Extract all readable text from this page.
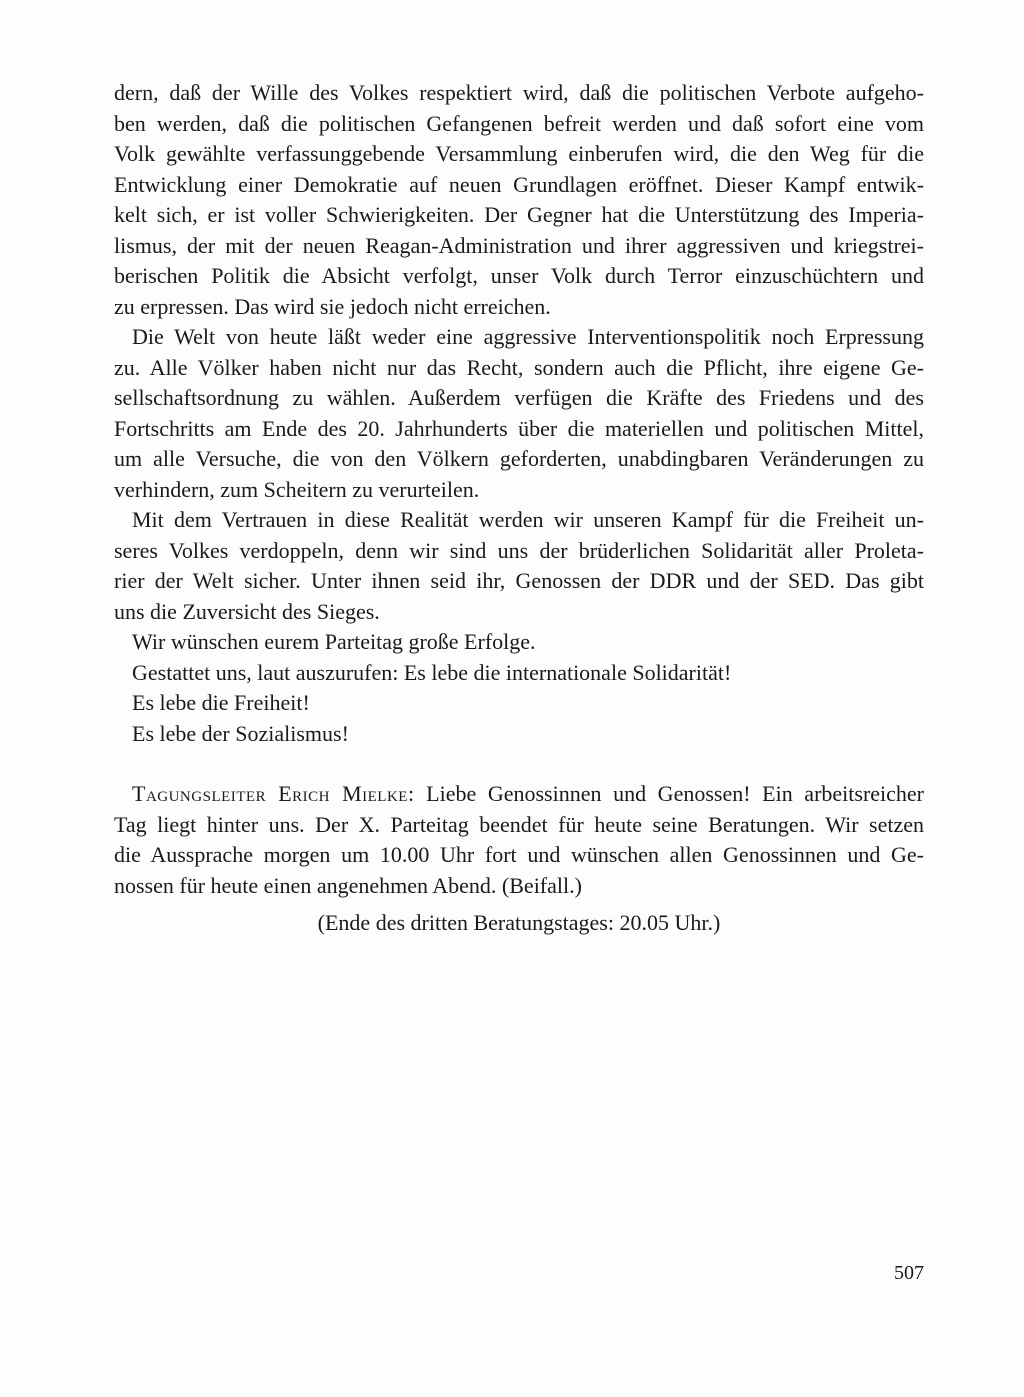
dern, daß der Wille des Volkes respektiert wird, daß die politischen Verbote aufgeho-
ben werden, daß die politischen Gefangenen befreit werden und daß sofort eine vom
Volk gewählte verfassunggebende Versammlung einberufen wird, die den Weg für die
Entwicklung einer Demokratie auf neuen Grundlagen eröffnet. Dieser Kampf entwik-
kelt sich, er ist voller Schwierigkeiten. Der Gegner hat die Unterstützung des Imperia-
lismus, der mit der neuen Reagan-Administration und ihrer aggressiven und kriegstrei-
berischen Politik die Absicht verfolgt, unser Volk durch Terror einzuschüchtern und
zu erpressen. Das wird sie jedoch nicht erreichen.
Die Welt von heute läßt weder eine aggressive Interventionspolitik noch Erpressung
zu. Alle Völker haben nicht nur das Recht, sondern auch die Pflicht, ihre eigene Ge-
sellschaftsordnung zu wählen. Außerdem verfügen die Kräfte des Friedens und des
Fortschritts am Ende des 20. Jahrhunderts über die materiellen und politischen Mittel,
um alle Versuche, die von den Völkern geforderten, unabdingbaren Veränderungen zu
verhindern, zum Scheitern zu verurteilen.
Mit dem Vertrauen in diese Realität werden wir unseren Kampf für die Freiheit un-
seres Volkes verdoppeln, denn wir sind uns der brüderlichen Solidarität aller Proleta-
rier der Welt sicher. Unter ihnen seid ihr, Genossen der DDR und der SED. Das gibt
uns die Zuversicht des Sieges.
Wir wünschen eurem Parteitag große Erfolge.
Gestattet uns, laut auszurufen: Es lebe die internationale Solidarität!
Es lebe die Freiheit!
Es lebe der Sozialismus!
Tagungsleiter Erich Mielke: Liebe Genossinnen und Genossen! Ein arbeitsreicher
Tag liegt hinter uns. Der X. Parteitag beendet für heute seine Beratungen. Wir setzen
die Aussprache morgen um 10.00 Uhr fort und wünschen allen Genossinnen und Ge-
nossen für heute einen angenehmen Abend. (Beifall.)
(Ende des dritten Beratungstages: 20.05 Uhr.)
507
